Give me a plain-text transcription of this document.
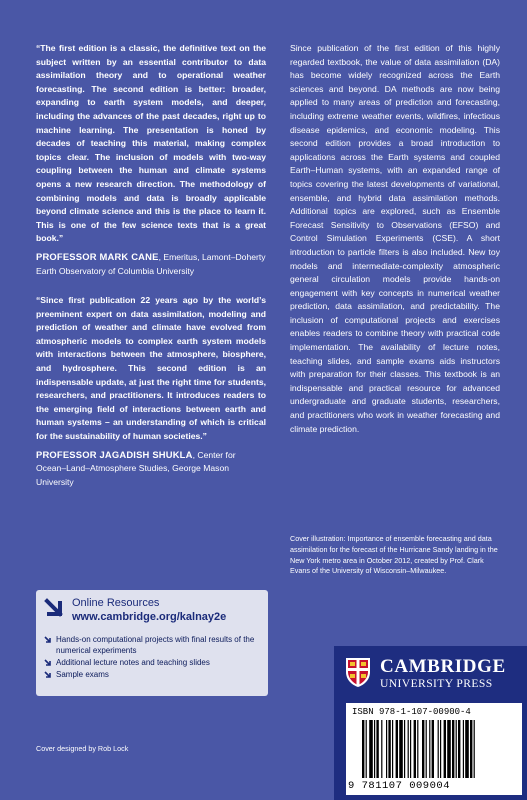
“The first edition is a classic, the definitive text on the subject written by an essential contributor to data assimilation theory and to operational weather forecasting. The second edition is better: broader, expanding to earth system models, and deeper, including the advances of the past decades, right up to machine learning. The presentation is honed by decades of teaching this material, making complex topics clear. The inclusion of models with two-way coupling between the human and climate systems opens a new research direction. The methodology of combining models and data is broadly applicable beyond climate science and this is the place to learn it. This is one of the few science texts that is a great book.”

PROFESSOR MARK CANE, Emeritus, Lamont–Doherty Earth Observatory of Columbia University

“Since first publication 22 years ago by the world’s preeminent expert on data assimilation, modeling and prediction of weather and climate have evolved from atmospheric models to complex earth system models with interactions between the atmosphere, biosphere, and hydrosphere. This second edition is an indispensable update, at just the right time for students, researchers, and practitioners. It introduces readers to the emerging field of interactions between earth and human systems – an understanding of which is critical for the sustainability of human societies.”

PROFESSOR JAGADISH SHUKLA, Center for Ocean–Land–Atmosphere Studies, George Mason University

Since publication of the first edition of this highly regarded textbook, the value of data assimilation (DA) has become widely recognized across the Earth sciences and beyond. DA methods are now being applied to many areas of prediction and forecasting, including extreme weather events, wildfires, infectious disease epidemics, and economic modeling. This second edition provides a broad introduction to applications across the Earth systems and coupled Earth–Human systems, with an expanded range of topics covering the latest developments of variational, ensemble, and hybrid data assimilation methods. Additional topics are explored, such as Ensemble Forecast Sensitivity to Observations (EFSO) and Control Simulation Experiments (CSE). A short introduction to particle filters is also included. New toy models and intermediate-complexity atmospheric general circulation models provide hands-on engagement with key concepts in numerical weather prediction, data assimilation, and predictability. The inclusion of computational projects and exercises enables readers to combine theory with practical code implementation. The availability of lecture notes, teaching slides, and sample exams aids instructors with preparation for their classes. This textbook is an indispensable and practical resource for advanced undergraduate and graduate students, researchers, and practitioners who work in weather forecasting and climate prediction.

Cover illustration: Importance of ensemble forecasting and data assimilation for the forecast of the Hurricane Sandy landing in the New York metro area in October 2012, created by Prof. Clark Evans of the University of Wisconsin–Milwaukee.

Online Resources
www.cambridge.org/kalnay2e
Hands-on computational projects with final results of the numerical experiments
Additional lecture notes and teaching slides
Sample exams
Cover designed by Rob Lock
CAMBRIDGE
UNIVERSITY PRESS
ISBN 978-1-107-00900-4
9 781107 009004
